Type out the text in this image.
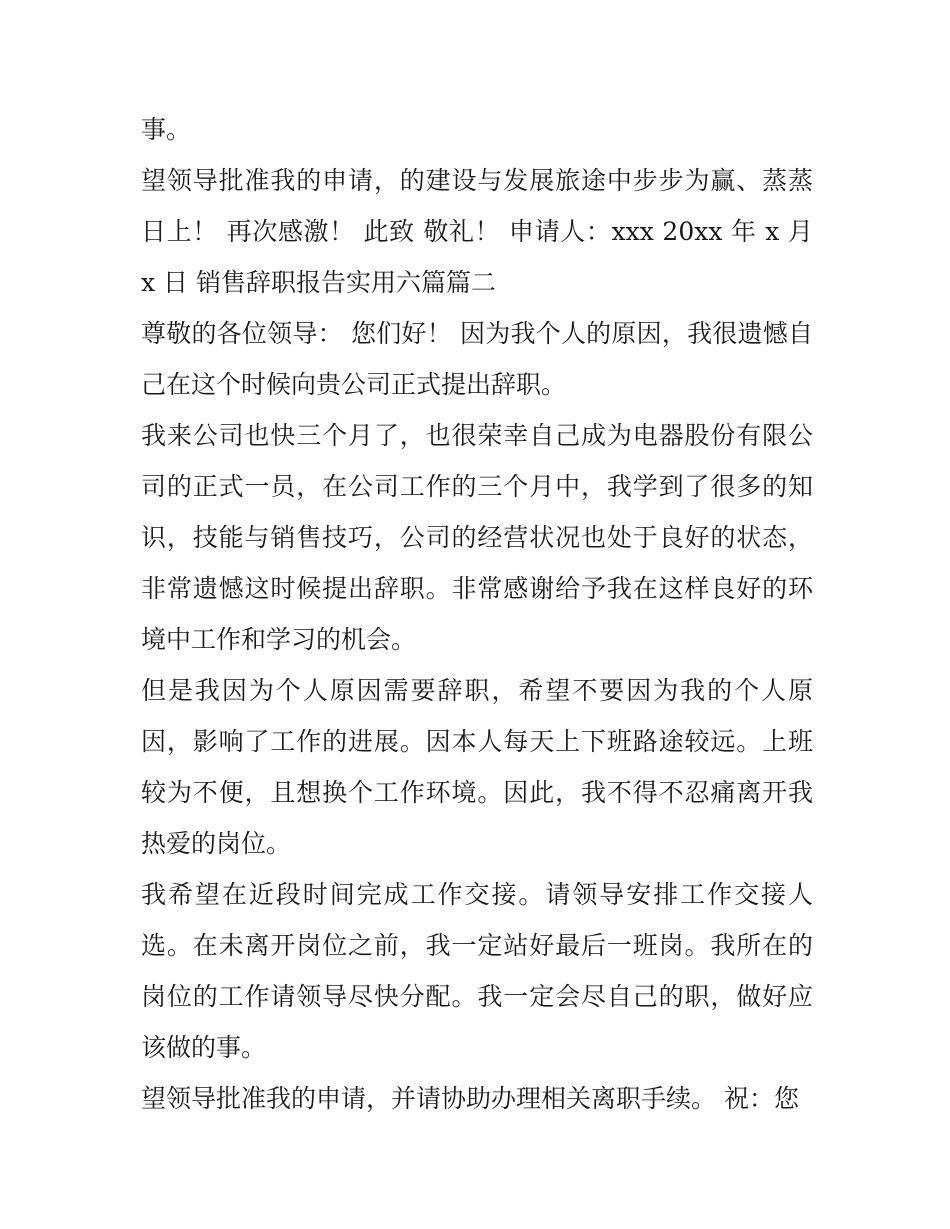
事。

望领导批准我的申请，的建设与发展旅途中步步为赢、蒸蒸日上！ 再次感激！ 此致 敬礼！ 申请人：xxx 20xx 年 x 月 x 日 销售辞职报告实用六篇篇二

尊敬的各位领导： 您们好！ 因为我个人的原因，我很遗憾自己在这个时候向贵公司正式提出辞职。

我来公司也快三个月了，也很荣幸自己成为电器股份有限公司的正式一员，在公司工作的三个月中，我学到了很多的知识，技能与销售技巧，公司的经营状况也处于良好的状态，非常遗憾这时候提出辞职。非常感谢给予我在这样良好的环境中工作和学习的机会。

但是我因为个人原因需要辞职，希望不要因为我的个人原因，影响了工作的进展。因本人每天上下班路途较远。上班较为不便，且想换个工作环境。因此，我不得不忍痛离开我热爱的岗位。

我希望在近段时间完成工作交接。请领导安排工作交接人选。在未离开岗位之前，我一定站好最后一班岗。我所在的岗位的工作请领导尽快分配。我一定会尽自己的职，做好应该做的事。

望领导批准我的申请，并请协助办理相关离职手续。 祝：您
